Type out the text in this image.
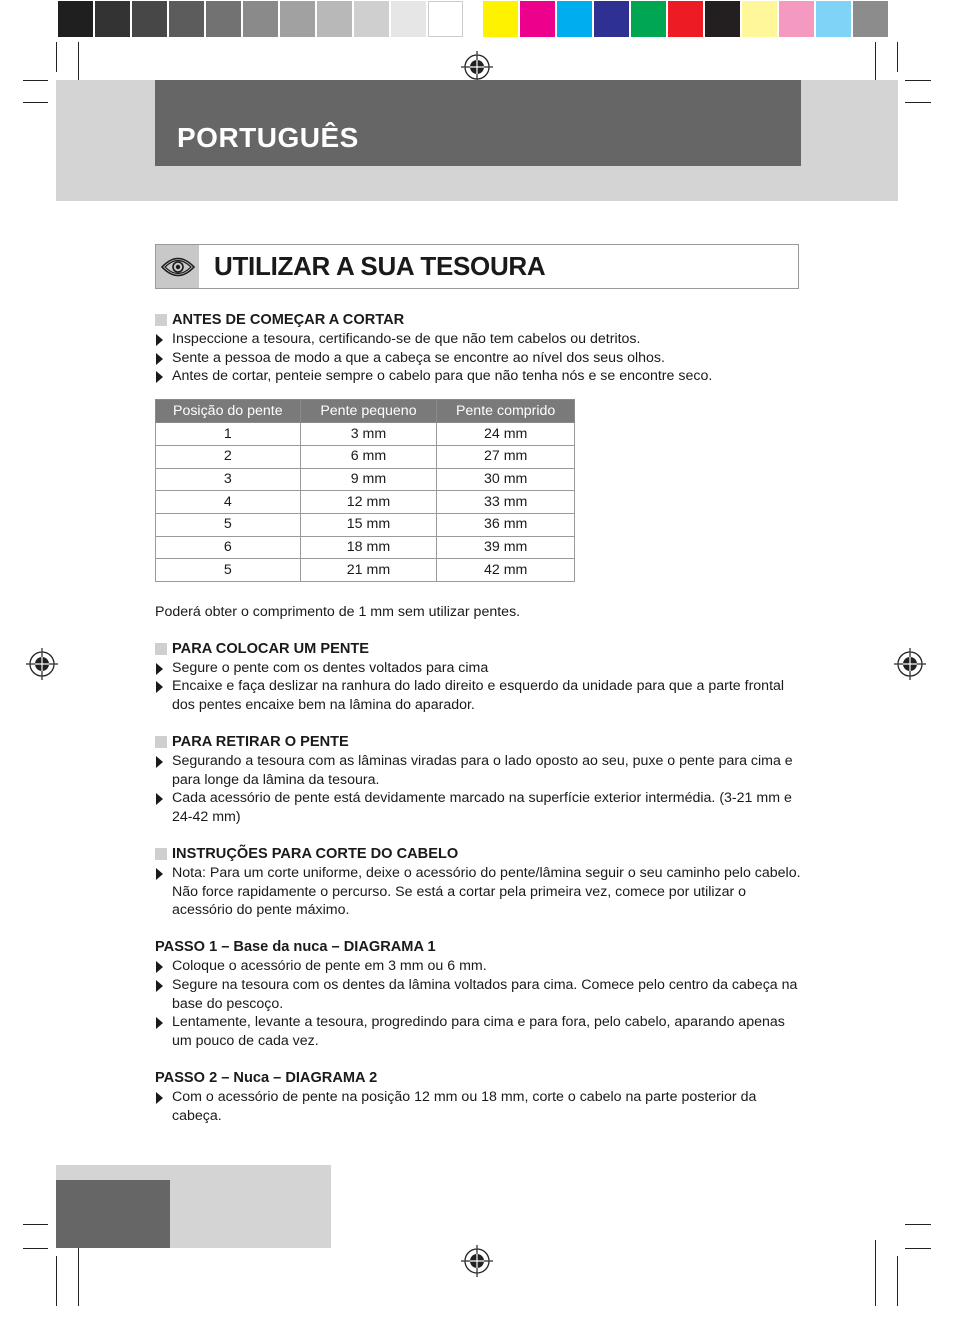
PORTUGUÊS
UTILIZAR A SUA TESOURA
ANTES DE COMEÇAR A CORTAR
Inspeccione a tesoura, certificando-se de que não tem cabelos ou detritos.
Sente a pessoa de modo a que a cabeça se encontre ao nível dos seus olhos.
Antes de cortar, penteie sempre o cabelo para que não tenha nós e se encontre seco.
Posição do pente	Pente pequeno	Pente comprido
1	3 mm	24 mm
2	6 mm	27 mm
3	9 mm	30 mm
4	12 mm	33 mm
5	15 mm	36 mm
6	18 mm	39 mm
5	21 mm	42 mm

Poderá obter o comprimento de 1 mm sem utilizar pentes.

PARA COLOCAR UM PENTE
Segure o pente com os dentes voltados para cima
Encaixe e faça deslizar na ranhura do lado direito e esquerdo da unidade para que a parte frontal dos pentes encaixe bem na lâmina do aparador.
PARA RETIRAR O PENTE
Segurando a tesoura com as lâminas viradas para o lado oposto ao seu, puxe o pente para cima e para longe da lâmina da tesoura.
Cada acessório de pente está devidamente marcado na superfície exterior intermédia. (3-21 mm e 24-42 mm)
INSTRUÇÕES PARA CORTE DO CABELO
Nota: Para um corte uniforme, deixe o acessório do pente/lâmina seguir o seu caminho pelo cabelo. Não force rapidamente o percurso. Se está a cortar pela primeira vez, comece por utilizar o acessório do pente máximo.
PASSO 1 – Base da nuca – DIAGRAMA 1
Coloque o acessório de pente em 3 mm ou 6 mm.
Segure na tesoura com os dentes da lâmina voltados para cima. Comece pelo centro da cabeça na base do pescoço.
Lentamente, levante a tesoura, progredindo para cima e para fora, pelo cabelo, aparando apenas um pouco de cada vez.
PASSO 2 – Nuca – DIAGRAMA 2
Com o acessório de pente na posição 12 mm ou 18 mm, corte o cabelo na parte posterior da cabeça.
